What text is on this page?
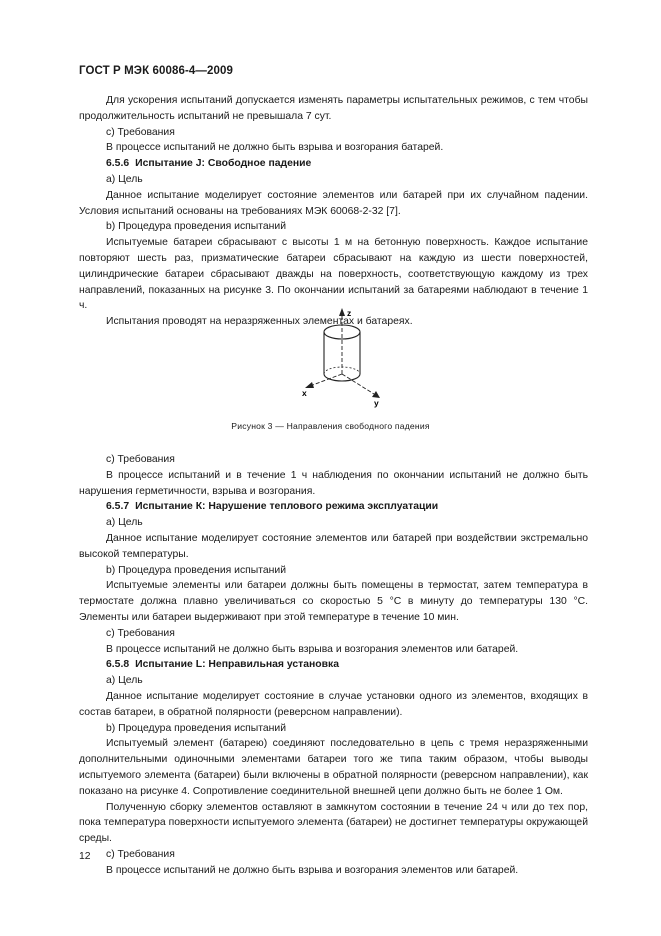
ГОСТ Р МЭК 60086-4—2009
Для ускорения испытаний допускается изменять параметры испытательных режимов, с тем чтобы продолжительность испытаний не превышала 7 сут.
c) Требования
В процессе испытаний не должно быть взрыва и возгорания батарей.
6.5.6 Испытание J: Свободное падение
a) Цель
Данное испытание моделирует состояние элементов или батарей при их случайном падении. Условия испытаний основаны на требованиях МЭК 60068-2-32 [7].
b) Процедура проведения испытаний
Испытуемые батареи сбрасывают с высоты 1 м на бетонную поверхность. Каждое испытание повторяют шесть раз, призматические батареи сбрасывают на каждую из шести поверхностей, цилиндрические батареи сбрасывают дважды на поверхность, соответствующую каждому из трех направлений, показанных на рисунке 3. По окончании испытаний за батареями наблюдают в течение 1 ч.
Испытания проводят на неразряженных элементах и батареях.
z
x
y
Рисунок 3 — Направления свободного падения
c) Требования
В процессе испытаний и в течение 1 ч наблюдения по окончании испытаний не должно быть нарушения герметичности, взрыва и возгорания.
6.5.7 Испытание К: Нарушение теплового режима эксплуатации
a) Цель
Данное испытание моделирует состояние элементов или батарей при воздействии экстремально высокой температуры.
b) Процедура проведения испытаний
Испытуемые элементы или батареи должны быть помещены в термостат, затем температура в термостате должна плавно увеличиваться со скоростью 5 °С в минуту до температуры 130 °С. Элементы или батареи выдерживают при этой температуре в течение 10 мин.
c) Требования
В процессе испытаний не должно быть взрыва и возгорания элементов или батарей.
6.5.8 Испытание L: Неправильная установка
a) Цель
Данное испытание моделирует состояние в случае установки одного из элементов, входящих в состав батареи, в обратной полярности (реверсном направлении).
b) Процедура проведения испытаний
Испытуемый элемент (батарею) соединяют последовательно в цепь с тремя неразряженными дополнительными одиночными элементами батареи того же типа таким образом, чтобы выводы испытуемого элемента (батареи) были включены в обратной полярности (реверсном направлении), как показано на рисунке 4. Сопротивление соединительной внешней цепи должно быть не более 1 Ом.
Полученную сборку элементов оставляют в замкнутом состоянии в течение 24 ч или до тех пор, пока температура поверхности испытуемого элемента (батареи) не достигнет температуры окружающей среды.
c) Требования
В процессе испытаний не должно быть взрыва и возгорания элементов или батарей.
12
